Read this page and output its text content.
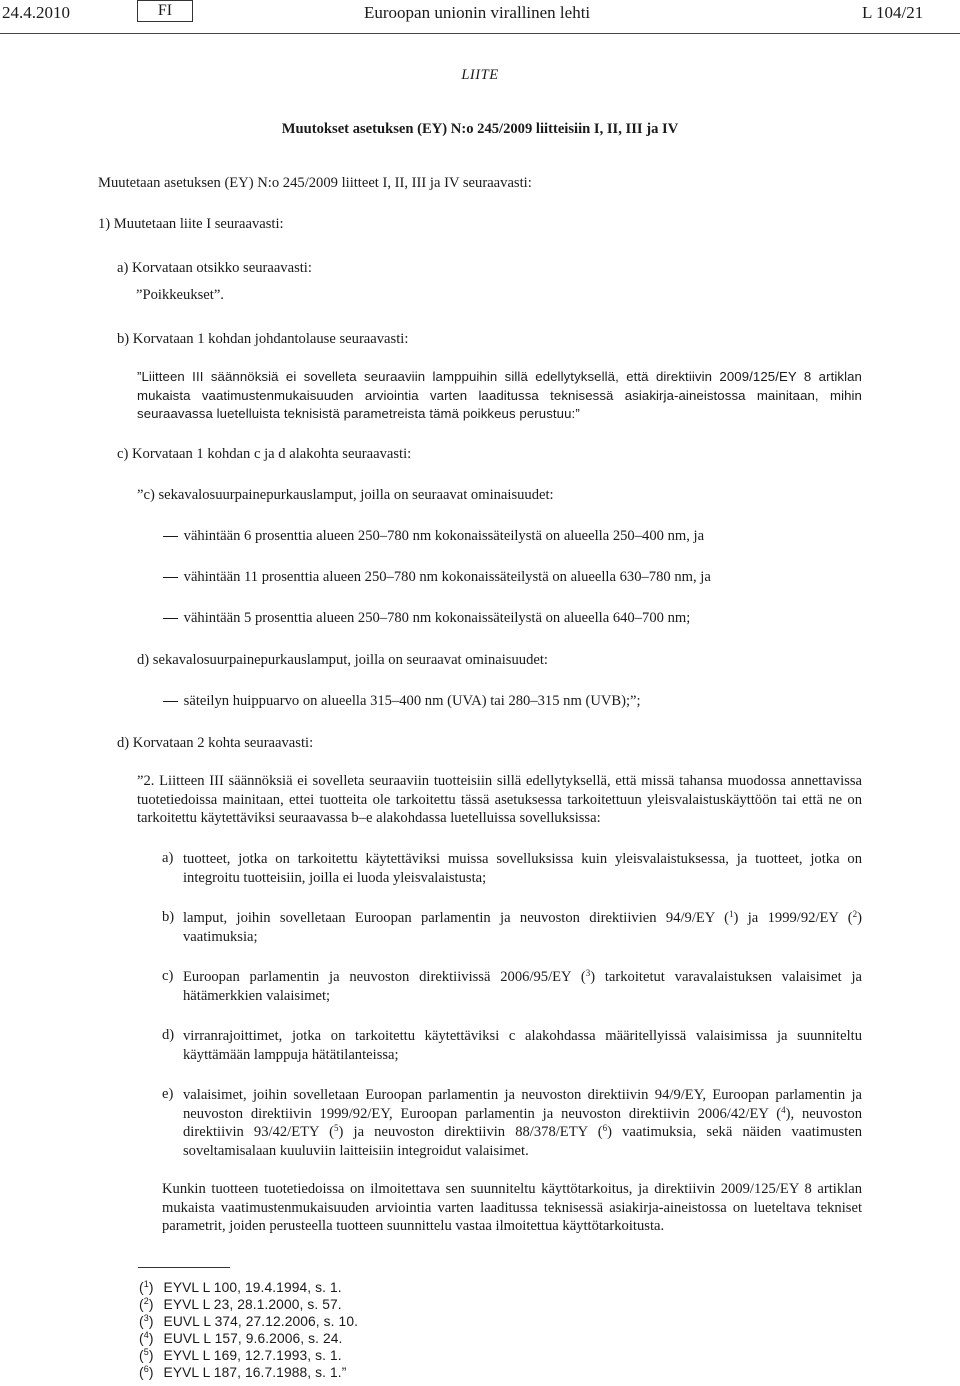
24.4.2010	FI	Euroopan unionin virallinen lehti	L 104/21
LIITE
Muutokset asetuksen (EY) N:o 245/2009 liitteisiin I, II, III ja IV
Muutetaan asetuksen (EY) N:o 245/2009 liitteet I, II, III ja IV seuraavasti:
1) Muutetaan liite I seuraavasti:
a) Korvataan otsikko seuraavasti:
”Poikkeukset”.
b) Korvataan 1 kohdan johdantolause seuraavasti:
”Liitteen III säännöksiä ei sovelleta seuraaviin lamppuihin sillä edellytyksellä, että direktiivin 2009/125/EY 8 artiklan mukaista vaatimustenmukaisuuden arviointia varten laaditussa teknisessä asiakirja-aineistossa mainitaan, mihin seuraavassa luetelluista teknisistä parametreista tämä poikkeus perustuu:”
c) Korvataan 1 kohdan c ja d alakohta seuraavasti:
”c) sekavalosuurpainepurkauslamput, joilla on seuraavat ominaisuudet:
vähintään 6 prosenttia alueen 250–780 nm kokonaissäteilystä on alueella 250–400 nm, ja
vähintään 11 prosenttia alueen 250–780 nm kokonaissäteilystä on alueella 630–780 nm, ja
vähintään 5 prosenttia alueen 250–780 nm kokonaissäteilystä on alueella 640–700 nm;
d) sekavalosuurpainepurkauslamput, joilla on seuraavat ominaisuudet:
säteilyn huippuarvo on alueella 315–400 nm (UVA) tai 280–315 nm (UVB);”;
d) Korvataan 2 kohta seuraavasti:
”2. Liitteen III säännöksiä ei sovelleta seuraaviin tuotteisiin sillä edellytyksellä, että missä tahansa muodossa annettavissa tuotetiedoissa mainitaan, ettei tuotteita ole tarkoitettu tässä asetuksessa tarkoitettuun yleisvalaistuskäyttöön tai että ne on tarkoitettu käytettäviksi seuraavassa b–e alakohdassa luetelluissa sovelluksissa:
a) tuotteet, jotka on tarkoitettu käytettäviksi muissa sovelluksissa kuin yleisvalaistuksessa, ja tuotteet, jotka on integroitu tuotteisiin, joilla ei luoda yleisvalaistusta;
b) lamput, joihin sovelletaan Euroopan parlamentin ja neuvoston direktiivien 94/9/EY ($^1$) ja 1999/92/EY ($^2$) vaatimuksia;
c) Euroopan parlamentin ja neuvoston direktiivissä 2006/95/EY ($^3$) tarkoitetut varavalaistuksen valaisimet ja hätämerkkien valaisimet;
d) virranrajoittimet, jotka on tarkoitettu käytettäviksi c alakohdassa määritellyissä valaisimissa ja suunniteltu käyttämään lamppuja hätätilanteissa;
e) valaisimet, joihin sovelletaan Euroopan parlamentin ja neuvoston direktiivin 94/9/EY, Euroopan parlamentin ja neuvoston direktiivin 1999/92/EY, Euroopan parlamentin ja neuvoston direktiivin 2006/42/EY ($^4$), neuvoston direktiivin 93/42/ETY ($^5$) ja neuvoston direktiivin 88/378/ETY ($^6$) vaatimuksia, sekä näiden vaatimusten soveltamisalaan kuuluviin laitteisiin integroidut valaisimet.
Kunkin tuotteen tuotetiedoissa on ilmoitettava sen suunniteltu käyttötarkoitus, ja direktiivin 2009/125/EY 8 artiklan mukaista vaatimustenmukaisuuden arviointia varten laaditussa teknisessä asiakirja-aineistossa on lueteltava tekniset parametrit, joiden perusteella tuotteen suunnittelu vastaa ilmoitettua käyttötarkoitusta.
($^1$) EYVL L 100, 19.4.1994, s. 1.
($^2$) EYVL L 23, 28.1.2000, s. 57.
($^3$) EUVL L 374, 27.12.2006, s. 10.
($^4$) EUVL L 157, 9.6.2006, s. 24.
($^5$) EYVL L 169, 12.7.1993, s. 1.
($^6$) EYVL L 187, 16.7.1988, s. 1.”
